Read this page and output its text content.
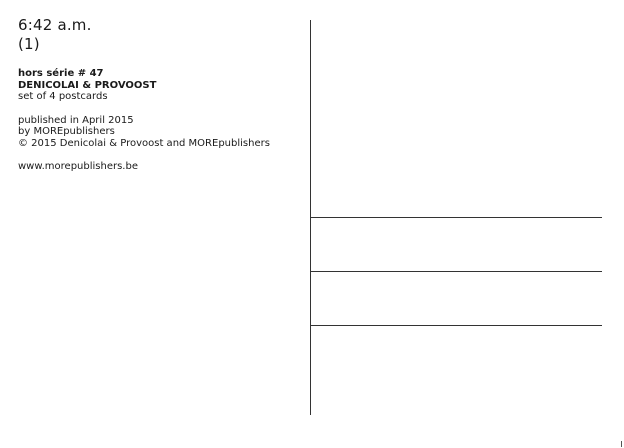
6:42 a.m.
(1)
hors série # 47
DENICOLAI & PROVOOST
set of 4 postcards
published in April 2015
by MOREpublishers
© 2015 Denicolai & Provoost and MOREpublishers
www.morepublishers.be
